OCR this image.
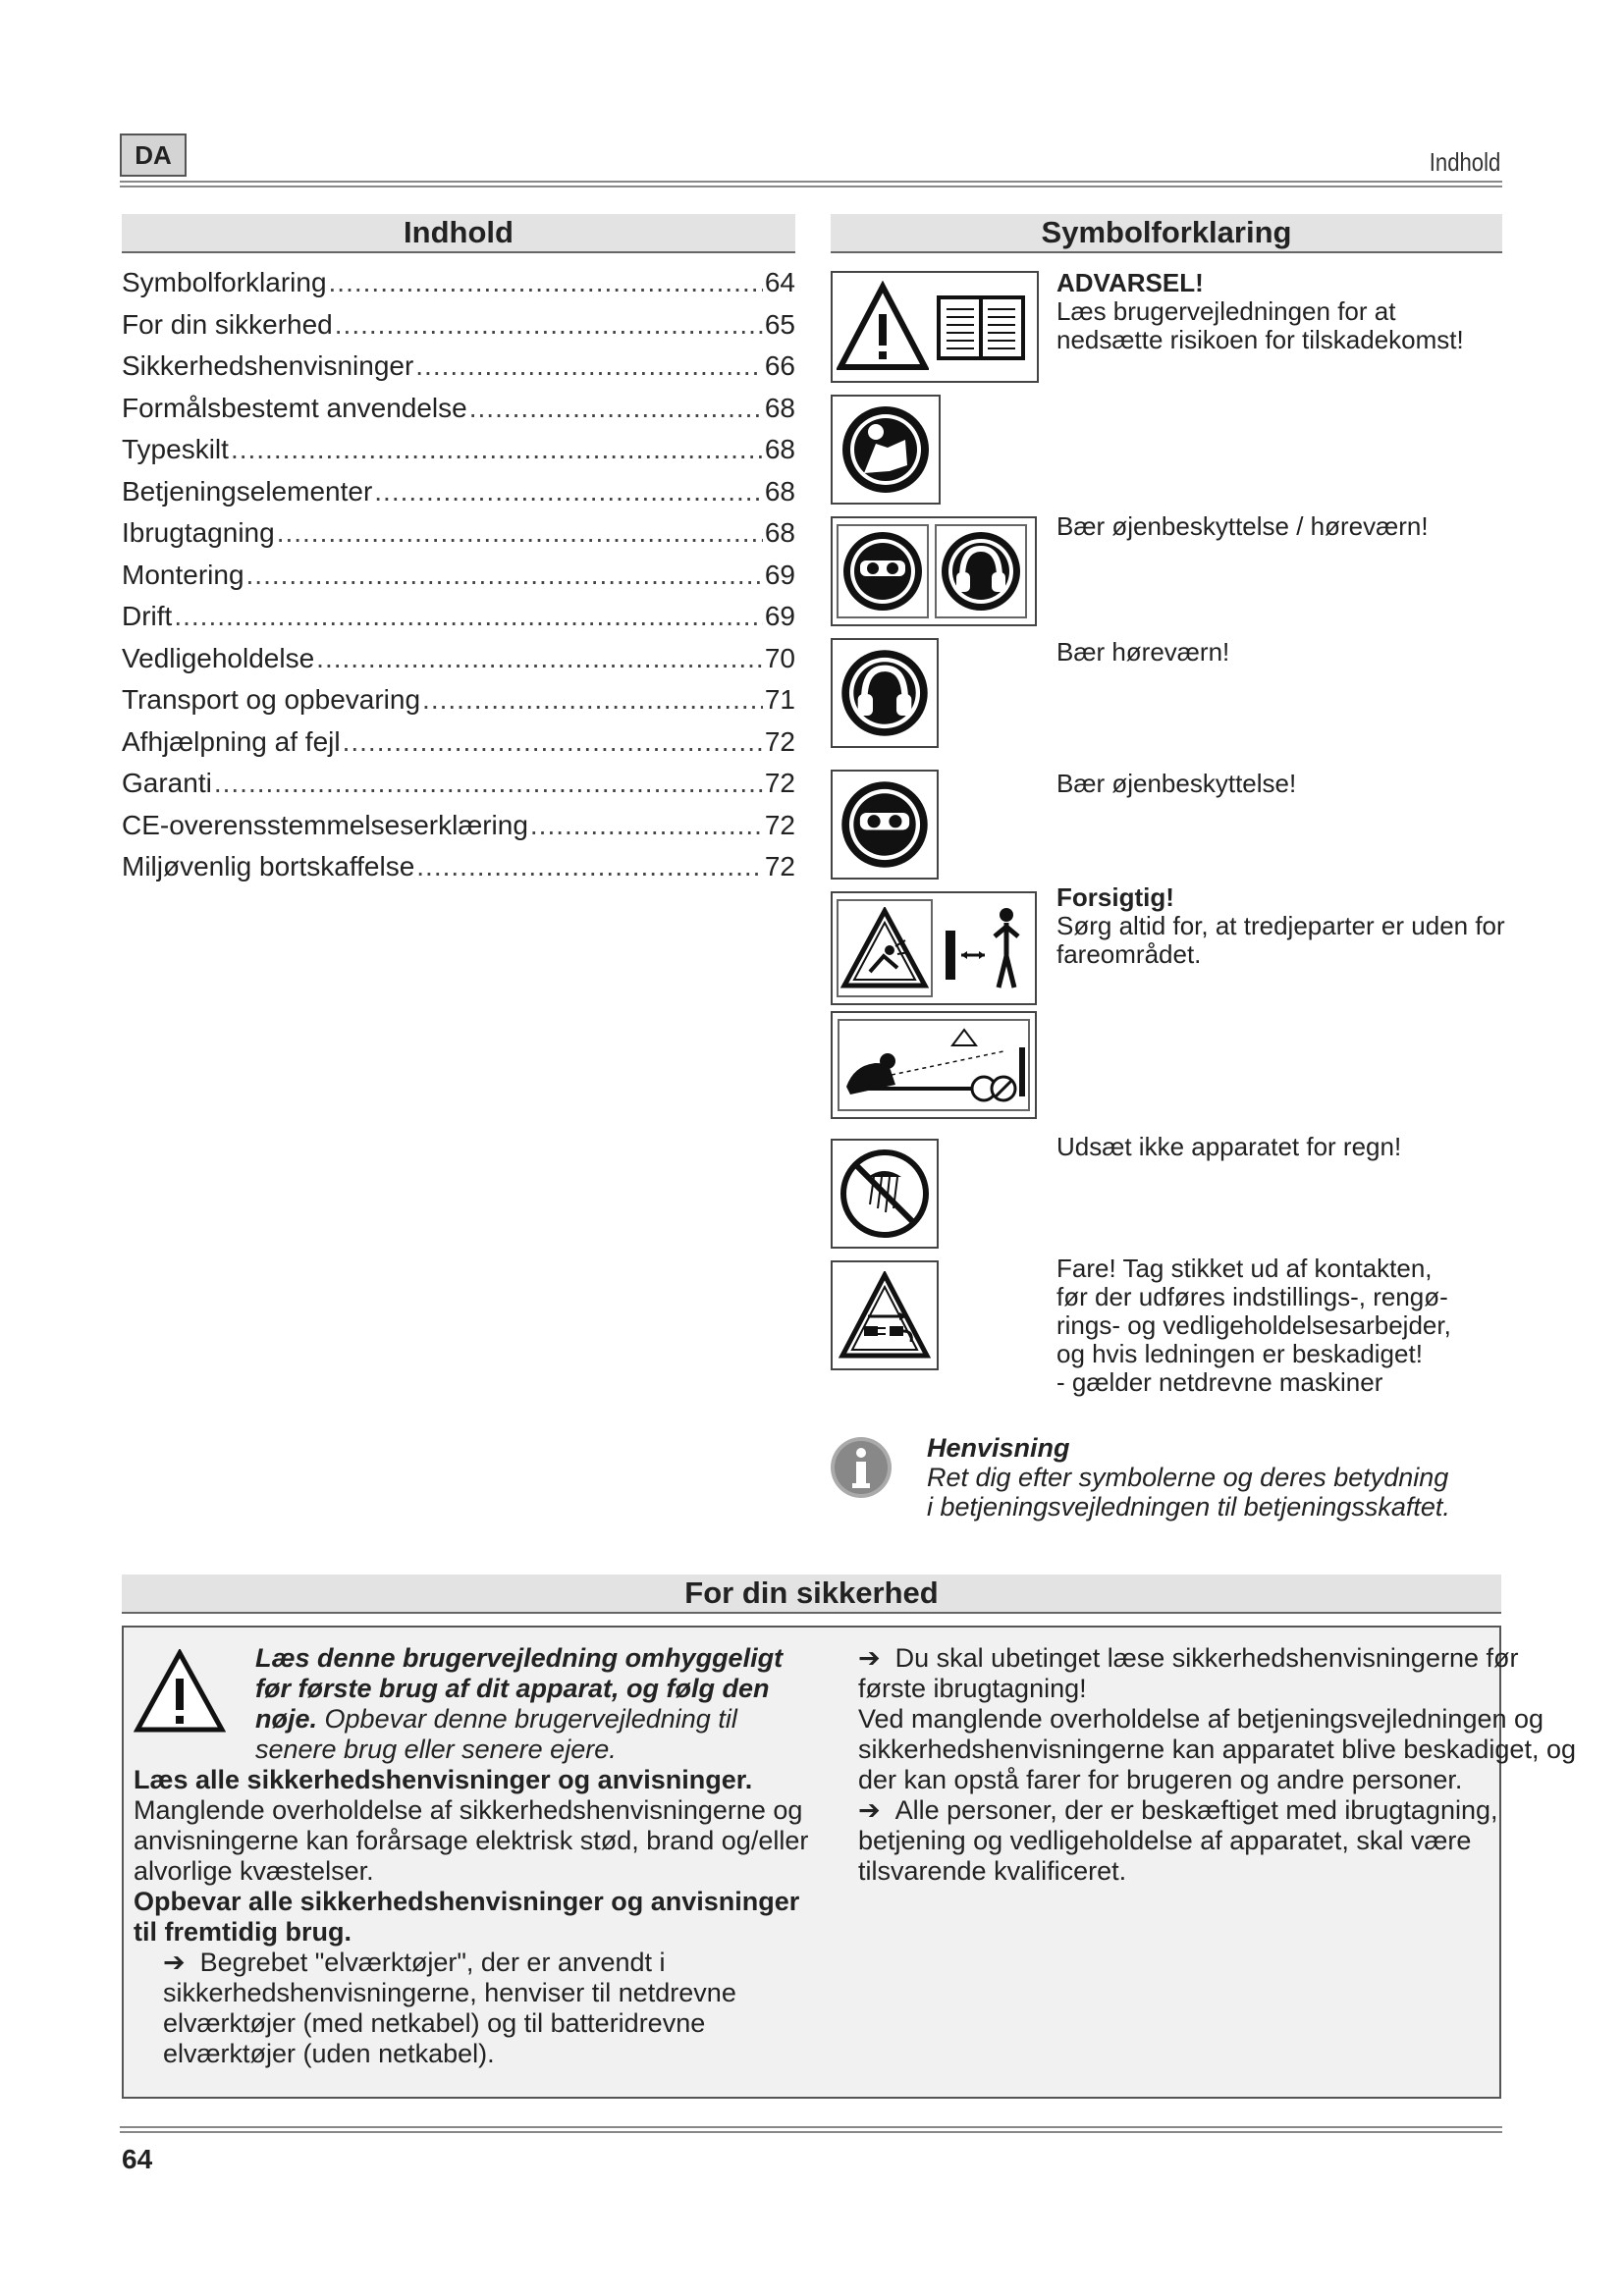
DA	Indhold
Indhold
Symbolforklaring .....	64
For din sikkerhed .....	65
Sikkerhedshenvisninger .....	66
Formålsbestemt anvendelse .....	68
Typeskilt .....	68
Betjeningselementer .....	68
Ibrugtagning .....	68
Montering .....	69
Drift .....	69
Vedligeholdelse .....	70
Transport og opbevaring .....	71
Afhjælpning af fejl .....	72
Garanti .....	72
CE-overensstemmelseserklæring .....	72
Miljøvenlig bortskaffelse .....	72
Symbolforklaring
ADVARSEL!
Læs brugervejledningen for at nedsætte risikoen for tilskadekomst!
Bær øjenbeskyttelse / høreværn!
Bær høreværn!
Bær øjenbeskyttelse!
Forsigtig!
Sørg altid for, at tredjeparter er uden for fareområdet.
Udsæt ikke apparatet for regn!
Fare! Tag stikket ud af kontakten,
før der udføres indstillings-, rengø-
rings- og vedligeholdelsesarbejder,
og hvis ledningen er beskadiget!
- gælder netdrevne maskiner
Henvisning
Ret dig efter symbolerne og deres betydning
i betjeningsvejledningen til betjeningsskaftet.
For din sikkerhed

Læs denne brugervejledning omhyggeligt før første brug af dit apparat, og følg den nøje. Opbevar denne brugervejledning til senere brug eller senere ejere.

Læs alle sikkerhedshenvisninger og anvisninger. Manglende overholdelse af sikkerhedshenvisningerne og anvisningerne kan forårsage elektrisk stød, brand og/eller alvorlige kvæstelser.

Opbevar alle sikkerhedshenvisninger og anvisninger til fremtidig brug.

➔  Begrebet "elværktøjer", der er anvendt i sikkerhedshenvisningerne, henviser til netdrevne elværktøjer (med netkabel) og til batteridrevne elværktøjer (uden netkabel).

➔  Du skal ubetinget læse sikkerhedshenvisningerne før første ibrugtagning!

Ved manglende overholdelse af betjeningsvejledningen og sikkerhedshenvisningerne kan apparatet blive beskadiget, og der kan opstå farer for brugeren og andre personer.

➔  Alle personer, der er beskæftiget med ibrugtagning, betjening og vedligeholdelse af apparatet, skal være tilsvarende kvalificeret.

64
